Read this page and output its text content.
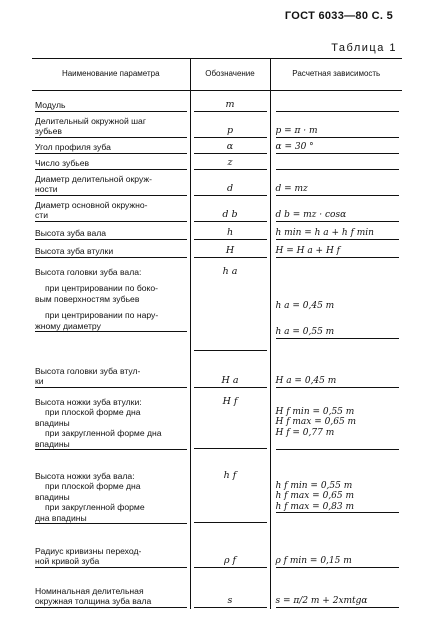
ГОСТ 6033—80 С. 5
Таблица 1
Наименование параметра	Обозначение	Расчетная зависимость

Модуль	m	

Делительный окружной шаг
зубьев	p	p = π · m

Угол профиля зуба	α	α = 30 °

Число зубьев	z	

Диаметр делительной окруж-
ности	d	d = mz

Диаметр основной окружно-
сти	d b	d b = mz · cosα

Высота зуба вала	h	h min = h a + h f min

Высота зуба втулки	H	H = H a + H f

Высота головки зуба вала:
при центрировании по боко-
вым поверхностям зубьев
при центрировании по нару-
жному диаметру	h a	h a = 0,45 m
h a = 0,55 m

Высота головки зуба втул-
ки	H a	H a = 0,45 m

Высота ножки зуба втулки:
при плоской форме дна
впадины
при закругленной форме дна
впадины	H f	H f min = 0,55 m
H f max = 0,65 m
H f = 0,77 m

Высота ножки зуба вала:
при плоской форме дна
впадины
при закругленной форме
дна впадины	h f	h f min = 0,55 m
h f max = 0,65 m
h f max = 0,83 m

Радиус кривизны переход-
ной кривой зуба	ρ f	ρ f min = 0,15 m

Номинальная делительная
окружная толщина зуба вала	s	s = π/2 m + 2xmtgα
